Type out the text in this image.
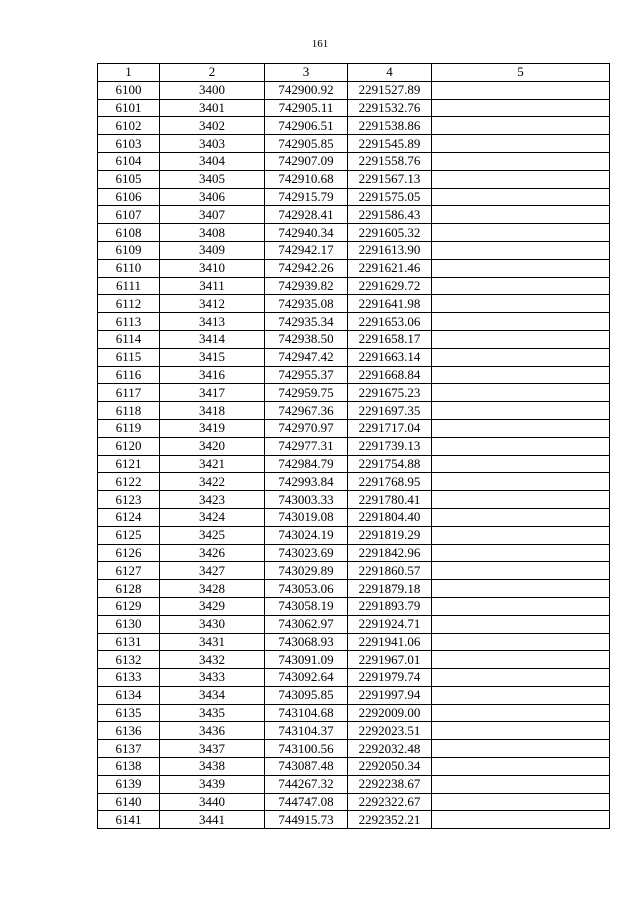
161
1	2	3	4	5
6100	3400	742900.92	2291527.89	
6101	3401	742905.11	2291532.76	
6102	3402	742906.51	2291538.86	
6103	3403	742905.85	2291545.89	
6104	3404	742907.09	2291558.76	
6105	3405	742910.68	2291567.13	
6106	3406	742915.79	2291575.05	
6107	3407	742928.41	2291586.43	
6108	3408	742940.34	2291605.32	
6109	3409	742942.17	2291613.90	
6110	3410	742942.26	2291621.46	
6111	3411	742939.82	2291629.72	
6112	3412	742935.08	2291641.98	
6113	3413	742935.34	2291653.06	
6114	3414	742938.50	2291658.17	
6115	3415	742947.42	2291663.14	
6116	3416	742955.37	2291668.84	
6117	3417	742959.75	2291675.23	
6118	3418	742967.36	2291697.35	
6119	3419	742970.97	2291717.04	
6120	3420	742977.31	2291739.13	
6121	3421	742984.79	2291754.88	
6122	3422	742993.84	2291768.95	
6123	3423	743003.33	2291780.41	
6124	3424	743019.08	2291804.40	
6125	3425	743024.19	2291819.29	
6126	3426	743023.69	2291842.96	
6127	3427	743029.89	2291860.57	
6128	3428	743053.06	2291879.18	
6129	3429	743058.19	2291893.79	
6130	3430	743062.97	2291924.71	
6131	3431	743068.93	2291941.06	
6132	3432	743091.09	2291967.01	
6133	3433	743092.64	2291979.74	
6134	3434	743095.85	2291997.94	
6135	3435	743104.68	2292009.00	
6136	3436	743104.37	2292023.51	
6137	3437	743100.56	2292032.48	
6138	3438	743087.48	2292050.34	
6139	3439	744267.32	2292238.67	
6140	3440	744747.08	2292322.67	
6141	3441	744915.73	2292352.21	
